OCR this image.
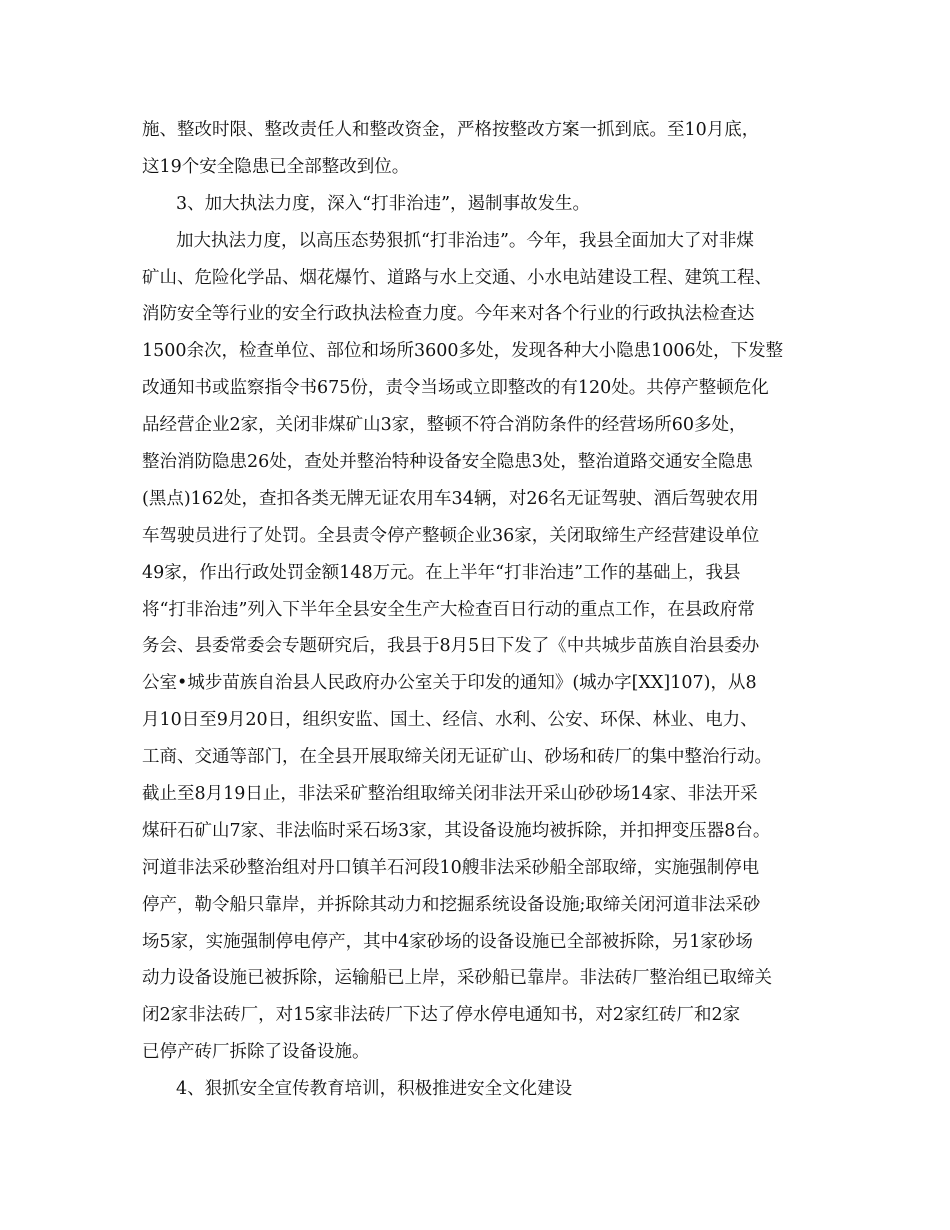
施、整改时限、整改责任人和整改资金，严格按整改方案一抓到底。至10月底，
这19个安全隐患已全部整改到位。
3、加大执法力度，深入“打非治违”，遏制事故发生。
加大执法力度，以高压态势狠抓“打非治违”。今年，我县全面加大了对非煤
矿山、危险化学品、烟花爆竹、道路与水上交通、小水电站建设工程、建筑工程、
消防安全等行业的安全行政执法检查力度。今年来对各个行业的行政执法检查达
1500余次，检查单位、部位和场所3600多处，发现各种大小隐患1006处，下发整
改通知书或监察指令书675份，责令当场或立即整改的有120处。共停产整顿危化
品经营企业2家，关闭非煤矿山3家，整顿不符合消防条件的经营场所60多处，
整治消防隐患26处，查处并整治特种设备安全隐患3处，整治道路交通安全隐患
(黑点)162处，查扣各类无牌无证农用车34辆，对26名无证驾驶、酒后驾驶农用
车驾驶员进行了处罚。全县责令停产整顿企业36家，关闭取缔生产经营建设单位
49家，作出行政处罚金额148万元。在上半年“打非治违”工作的基础上，我县
将“打非治违”列入下半年全县安全生产大检查百日行动的重点工作，在县政府常
务会、县委常委会专题研究后，我县于8月5日下发了《中共城步苗族自治县委办
公室•城步苗族自治县人民政府办公室关于印发的通知》(城办字[XX]107)，从8
月10日至9月20日，组织安监、国土、经信、水利、公安、环保、林业、电力、
工商、交通等部门，在全县开展取缔关闭无证矿山、砂场和砖厂的集中整治行动。
截止至8月19日止，非法采矿整治组取缔关闭非法开采山砂砂场14家、非法开采
煤矸石矿山7家、非法临时采石场3家，其设备设施均被拆除，并扣押变压器8台。
河道非法采砂整治组对丹口镇羊石河段10艘非法采砂船全部取缔，实施强制停电
停产，勒令船只靠岸，并拆除其动力和挖掘系统设备设施;取缔关闭河道非法采砂
场5家，实施强制停电停产，其中4家砂场的设备设施已全部被拆除，另1家砂场
动力设备设施已被拆除，运输船已上岸，采砂船已靠岸。非法砖厂整治组已取缔关
闭2家非法砖厂，对15家非法砖厂下达了停水停电通知书，对2家红砖厂和2家
已停产砖厂拆除了设备设施。
4、狠抓安全宣传教育培训，积极推进安全文化建设
